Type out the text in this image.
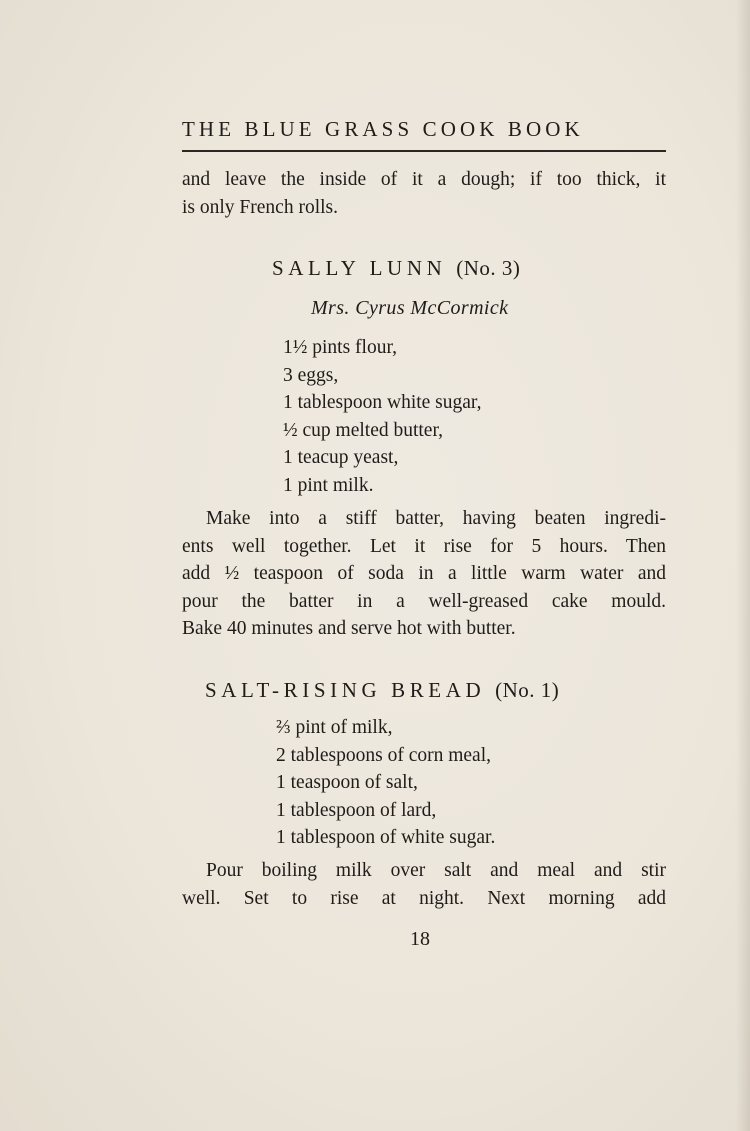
THE BLUE GRASS COOK BOOK
and leave the inside of it a dough; if too thick, it
is only French rolls.
SALLY LUNN (No. 3)
Mrs. Cyrus McCormick
1½ pints flour,
3 eggs,
1 tablespoon white sugar,
½ cup melted butter,
1 teacup yeast,
1 pint milk.
Make into a stiff batter, having beaten ingredi-
ents well together. Let it rise for 5 hours. Then
add ½ teaspoon of soda in a little warm water and
pour the batter in a well-greased cake mould.
Bake 40 minutes and serve hot with butter.
SALT-RISING BREAD (No. 1)
⅔ pint of milk,
2 tablespoons of corn meal,
1 teaspoon of salt,
1 tablespoon of lard,
1 tablespoon of white sugar.
Pour boiling milk over salt and meal and stir
well. Set to rise at night. Next morning add
18
